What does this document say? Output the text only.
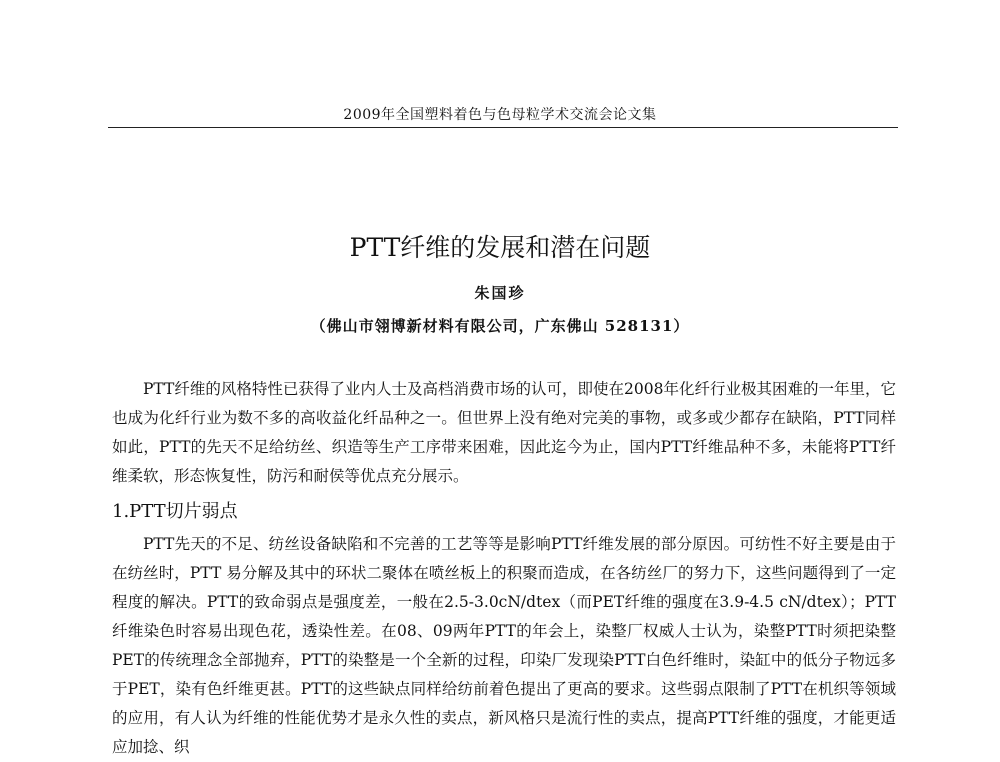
2009年全国塑料着色与色母粒学术交流会论文集
PTT纤维的发展和潜在问题
朱国珍
（佛山市翎博新材料有限公司，广东佛山 528131）

PTT纤维的风格特性已获得了业内人士及高档消费市场的认可，即使在2008年化纤行业极其困难的一年里，它也成为化纤行业为数不多的高收益化纤品种之一。但世界上没有绝对完美的事物，或多或少都存在缺陷，PTT同样如此，PTT的先天不足给纺丝、织造等生产工序带来困难，因此迄今为止，国内PTT纤维品种不多，未能将PTT纤维柔软，形态恢复性，防污和耐侯等优点充分展示。

1.PTT切片弱点

PTT先天的不足、纺丝设备缺陷和不完善的工艺等等是影响PTT纤维发展的部分原因。可纺性不好主要是由于在纺丝时，PTT 易分解及其中的环状二聚体在喷丝板上的积聚而造成，在各纺丝厂的努力下，这些问题得到了一定程度的解决。PTT的致命弱点是强度差，一般在2.5-3.0cN/dtex（而PET纤维的强度在3.9-4.5 cN/dtex）；PTT纤维染色时容易出现色花，透染性差。在08、09两年PTT的年会上，染整厂权威人士认为，染整PTT时须把染整PET的传统理念全部抛弃，PTT的染整是一个全新的过程，印染厂发现染PTT白色纤维时，染缸中的低分子物远多于PET，染有色纤维更甚。PTT的这些缺点同样给纺前着色提出了更高的要求。这些弱点限制了PTT在机织等领域的应用，有人认为纤维的性能优势才是永久性的卖点，新风格只是流行性的卖点，提高PTT纤维的强度，才能更适应加捻、织
